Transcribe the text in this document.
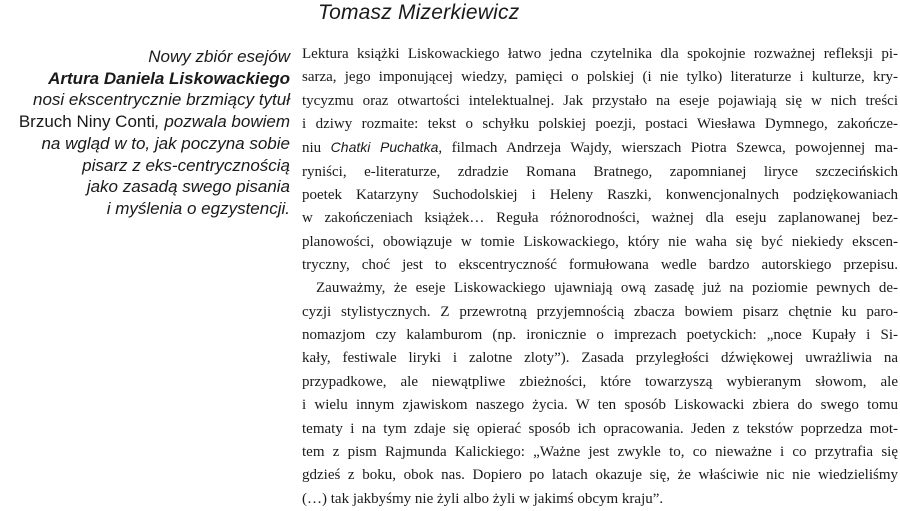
Tomasz Mizerkiewicz
Nowy zbiór esejów
Artura Daniela Liskowackiego
nosi ekscentrycznie brzmiący tytuł
Brzuch Niny Conti, pozwala bowiem
na wgląd w to, jak poczyna sobie
pisarz z eks-centrycznością
jako zasadą swego pisania
i myślenia o egzystencji.
Lektura książki Liskowackiego łatwo jedna czytelnika dla spokojnie rozważnej refleksji pi-
sarza, jego imponującej wiedzy, pamięci o polskiej (i nie tylko) literaturze i kulturze, kry-
tycyzmu oraz otwartości intelektualnej. Jak przystało na eseje pojawiają się w nich treści
i dziwy rozmaite: tekst o schyłku polskiej poezji, postaci Wiesława Dymnego, zakończe-
niu Chatki Puchatka, filmach Andrzeja Wajdy, wierszach Piotra Szewca, powojennej ma-
ryniści, e-literaturze, zdradzie Romana Bratnego, zapomnianej liryce szczecińskich
poetek Katarzyny Suchodolskiej i Heleny Raszki, konwencjonalnych podziękowaniach
w zakończeniach książek… Reguła różnorodności, ważnej dla eseju zaplanowanej bez-
planowości, obowiązuje w tomie Liskowackiego, który nie waha się być niekiedy ekscen-
tryczny, choć jest to ekscentryczność formułowana wedle bardzo autorskiego przepisu.
Zauważmy, że eseje Liskowackiego ujawniają ową zasadę już na poziomie pewnych de-
cyzji stylistycznych. Z przewrotną przyjemnością zbacza bowiem pisarz chętnie ku paro-
nomazjom czy kalamburom (np. ironicznie o imprezach poetyckich: „noce Kupały i Si-
kały, festiwale liryki i zalotne zloty”). Zasada przyległości dźwiękowej uwrażliwia na
przypadkowe, ale niewątpliwe zbieżności, które towarzyszą wybieranym słowom, ale
i wielu innym zjawiskom naszego życia. W ten sposób Liskowacki zbiera do swego tomu
tematy i na tym zdaje się opierać sposób ich opracowania. Jeden z tekstów poprzedza mot-
tem z pism Rajmunda Kalickiego: „Ważne jest zwykle to, co nieważne i co przytrafia się
gdzieś z boku, obok nas. Dopiero po latach okazuje się, że właściwie nic nie wiedzieliśmy
(…) tak jakbyśmy nie żyli albo żyli w jakimś obcym kraju”.
